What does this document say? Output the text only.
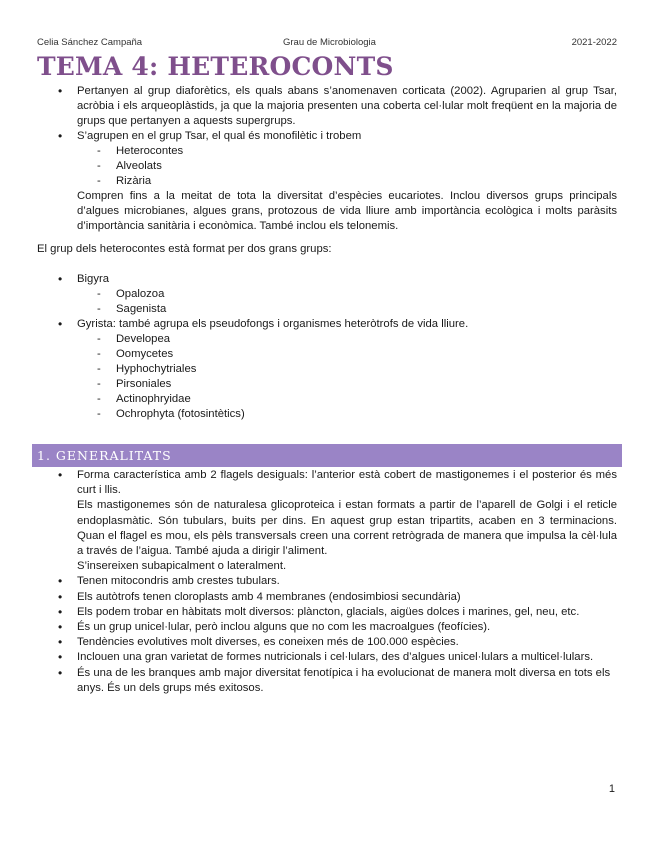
Celia Sánchez Campaña	Grau de Microbiologia	2021-2022
TEMA 4: HETEROCONTS
• Pertanyen al grup diaforètics, els quals abans s’anomenaven corticata (2002). Agruparien al grup Tsar, acròbia i els arqueoplàstids, ja que la majoria presenten una coberta cel·lular molt freqüent en la majoria de grups que pertanyen a aquests supergrups.
• S’agrupen en el grup Tsar, el qual és monofilètic i trobem
- Heterocontes
- Alveolats
- Rizària

Compren fins a la meitat de tota la diversitat d’espècies eucariotes. Inclou diversos grups principals d’algues microbianes, algues grans, protozous de vida lliure amb importància ecològica i molts paràsits d’importància sanitària i econòmica. També inclou els telonemis.

El grup dels heterocontes està format per dos grans grups:

• Bigyra
- Opalozoa
- Sagenista
• Gyrista: també agrupa els pseudofongs i organismes heteròtrofs de vida lliure.
- Developea
- Oomycetes
- Hyphochytriales
- Pirsoniales
- Actinophryidae
- Ochrophyta (fotosintètics)
1. GENERALITATS

• Forma característica amb 2 flagels desiguals: l’anterior està cobert de mastigonemes i el posterior és més curt i llis.

Els mastigonemes són de naturalesa glicoproteica i estan formats a partir de l’aparell de Golgi i el reticle endoplasmàtic. Són tubulars, buits per dins. En aquest grup estan tripartits, acaben en 3 terminacions. Quan el flagel es mou, els pèls transversals creen una corrent retrògrada de manera que impulsa la cèl·lula a través de l’aigua. També ajuda a dirigir l’aliment.

S’insereixen subapicalment o lateralment.

• Tenen mitocondris amb crestes tubulars.
• Els autòtrofs tenen cloroplasts amb 4 membranes (endosimbiosi secundària)
• Els podem trobar en hàbitats molt diversos: plàncton, glacials, aigües dolces i marines, gel, neu, etc.
• És un grup unicel·lular, però inclou alguns que no com les macroalgues (feofícies).
• Tendències evolutives molt diverses, es coneixen més de 100.000 espècies.
• Inclouen una gran varietat de formes nutricionals i cel·lulars, des d’algues unicel·lulars a multicel·lulars.
• És una de les branques amb major diversitat fenotípica i ha evolucionat de manera molt diversa en tots els anys. És un dels grups més exitosos.
1
